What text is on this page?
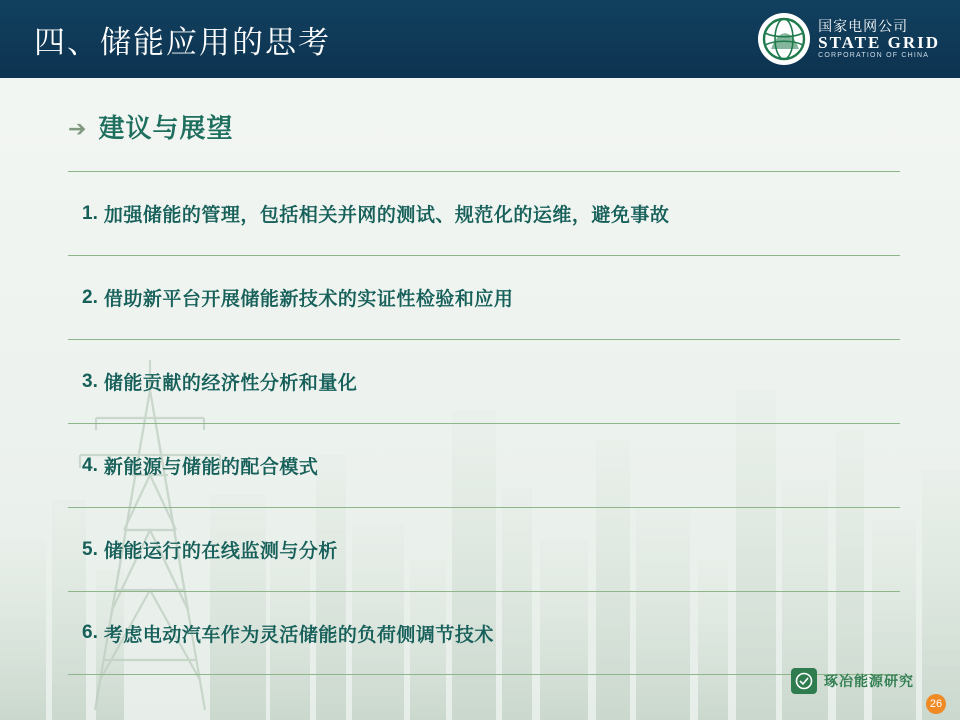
四、储能应用的思考	国家电网公司
STATE GRID
CORPORATION OF CHINA
➔ 建议与展望
1. 加强储能的管理，包括相关并网的测试、规范化的运维，避免事故
2. 借助新平台开展储能新技术的实证性检验和应用
3. 储能贡献的经济性分析和量化
4. 新能源与储能的配合模式
5. 储能运行的在线监测与分析
6. 考虑电动汽车作为灵活储能的负荷侧调节技术
琢冶能源研究
26
